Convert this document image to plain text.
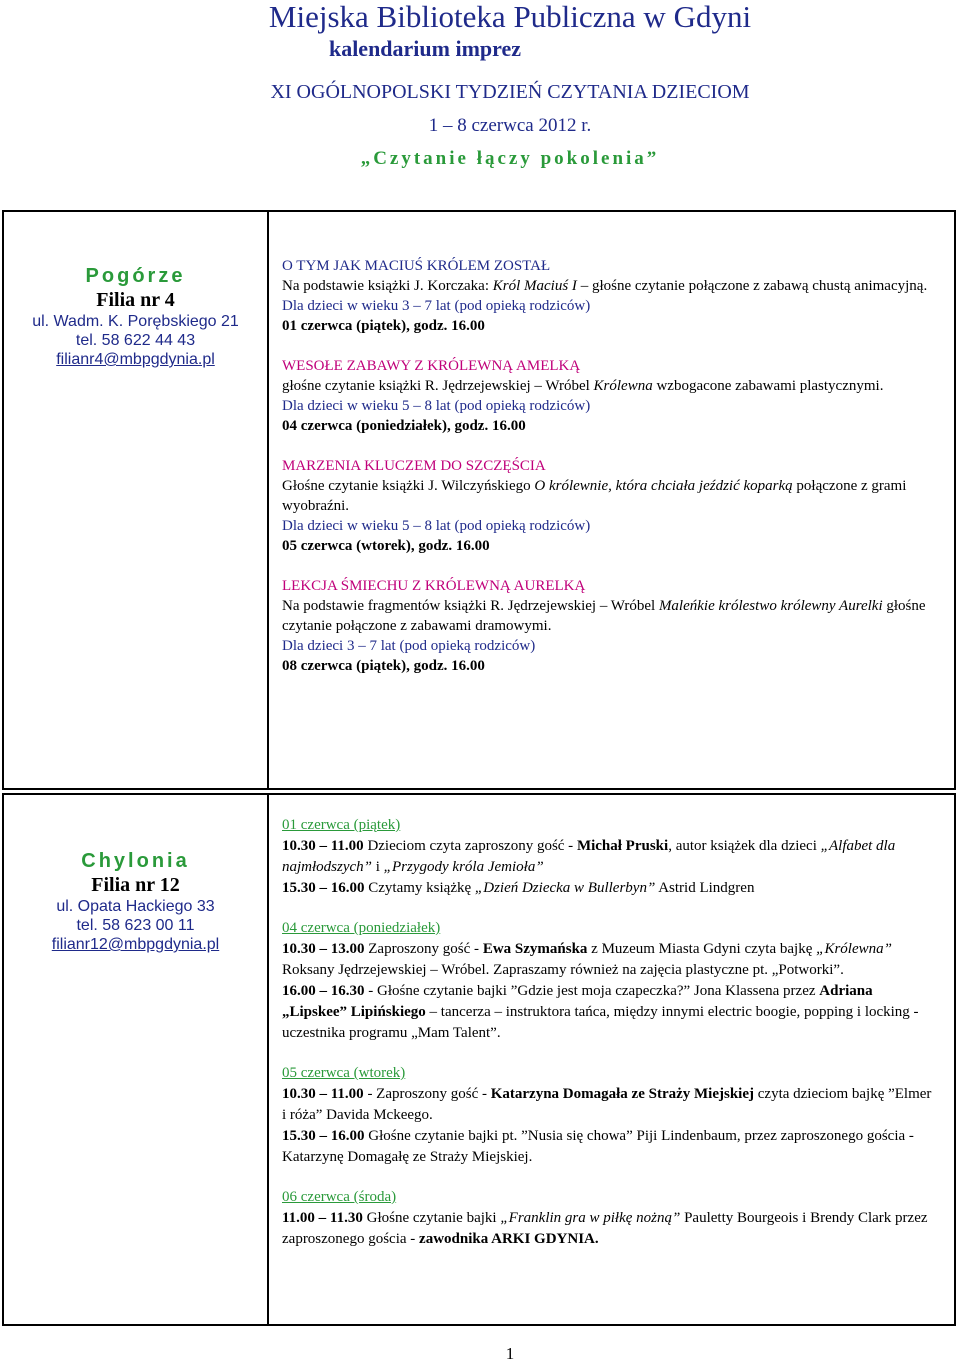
Miejska Biblioteka Publiczna w Gdyni
kalendarium imprez
XI OGÓLNOPOLSKI TYDZIEŃ CZYTANIA DZIECIOM
1 – 8 czerwca 2012 r.
„Czytanie łączy pokolenia”
Pogórze
Filia nr 4
ul. Wadm. K. Porębskiego 21
tel. 58 622 44 43
filianr4@mbpgdynia.pl
O TYM JAK MACIUŚ KRÓLEM ZOSTAŁ
Na podstawie książki J. Korczaka: Król Maciuś I – głośne czytanie połączone z zabawą chustą animacyjną.
Dla dzieci w wieku 3 – 7 lat (pod opieką rodziców)
01 czerwca (piątek), godz. 16.00
WESOŁE ZABAWY Z KRÓLEWNĄ AMELKĄ
głośne czytanie książki R. Jędrzejewskiej – Wróbel Królewna wzbogacone zabawami plastycznymi.
Dla dzieci w wieku 5 – 8 lat (pod opieką rodziców)
04 czerwca (poniedziałek), godz. 16.00
MARZENIA KLUCZEM DO SZCZĘŚCIA
Głośne czytanie książki J. Wilczyńskiego O królewnie, która chciała jeździć koparką połączone z grami wyobraźni.
Dla dzieci w wieku 5 – 8 lat (pod opieką rodziców)
05 czerwca (wtorek), godz. 16.00
LEKCJA ŚMIECHU Z KRÓLEWNĄ AURELKĄ
Na podstawie fragmentów książki R. Jędrzejewskiej – Wróbel Maleńkie królestwo królewny Aurelki głośne czytanie połączone z zabawami dramowymi.
Dla dzieci 3 – 7 lat (pod opieką rodziców)
08 czerwca (piątek), godz. 16.00
Chylonia
Filia nr 12
ul. Opata Hackiego 33
tel. 58 623 00 11
filianr12@mbpgdynia.pl
01 czerwca (piątek)

10.30 – 11.00 Dzieciom czyta zaproszony gość - Michał Pruski, autor książek dla dzieci „Alfabet dla najmłodszych” i „Przygody króla Jemioła”

15.30 – 16.00 Czytamy książkę „Dzień Dziecka w Bullerbyn” Astrid Lindgren

04 czerwca (poniedziałek)

10.30 – 13.00 Zaproszony gość - Ewa Szymańska z Muzeum Miasta Gdyni czyta bajkę „Królewna” Roksany Jędrzejewskiej – Wróbel. Zapraszamy również na zajęcia plastyczne pt. „Potworki”.

16.00 – 16.30 - Głośne czytanie bajki ”Gdzie jest moja czapeczka?” Jona Klassena przez Adriana „Lipskee” Lipińskiego – tancerza – instruktora tańca, między innymi electric boogie, popping i locking - uczestnika programu „Mam Talent”.

05 czerwca (wtorek)

10.30 – 11.00 - Zaproszony gość - Katarzyna Domagała ze Straży Miejskiej czyta dzieciom bajkę ”Elmer i róża” Davida Mckeego.

15.30 – 16.00 Głośne czytanie bajki pt. ”Nusia się chowa” Piji Lindenbaum, przez zaproszonego gościa - Katarzynę Domagałę ze Straży Miejskiej.

06 czerwca (środa)

11.00 – 11.30 Głośne czytanie bajki „Franklin gra w piłkę nożną” Pauletty Bourgeois i Brendy Clark przez zaproszonego gościa - zawodnika ARKI GDYNIA.

1
